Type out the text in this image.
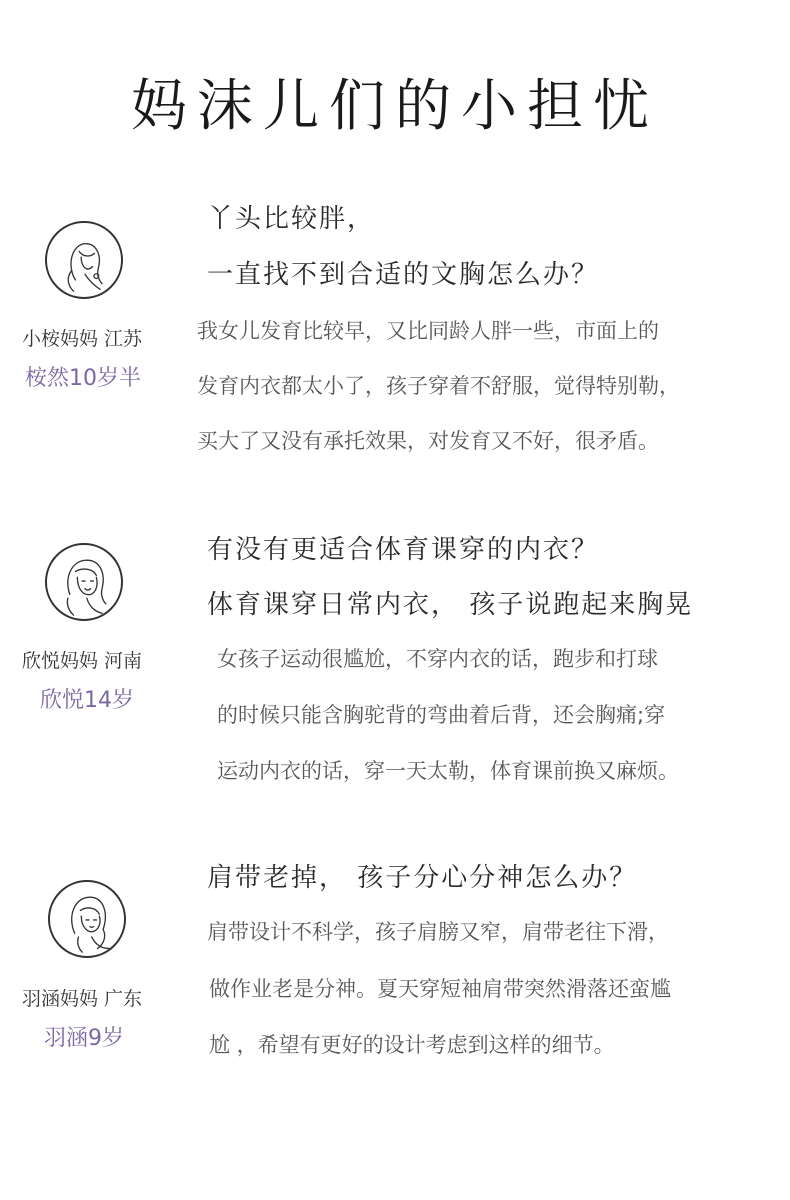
妈沫儿们的小担忧
小桉妈妈 江苏
桉然10岁半
丫头比较胖，
一直找不到合适的文胸怎么办？
我女儿发育比较早，又比同龄人胖一些，市面上的
发育内衣都太小了，孩子穿着不舒服，觉得特别勒，
买大了又没有承托效果，对发育又不好，很矛盾。
欣悦妈妈 河南
欣悦14岁
有没有更适合体育课穿的内衣？
体育课穿日常内衣， 孩子说跑起来胸晃
女孩子运动很尴尬，不穿内衣的话，跑步和打球
的时候只能含胸驼背的弯曲着后背，还会胸痛;穿
运动内衣的话，穿一天太勒，体育课前换又麻烦。
羽涵妈妈 广东
羽涵9岁
肩带老掉， 孩子分心分神怎么办？
肩带设计不科学，孩子肩膀又窄，肩带老往下滑，
做作业老是分神。夏天穿短袖肩带突然滑落还蛮尴
尬 ，希望有更好的设计考虑到这样的细节。
